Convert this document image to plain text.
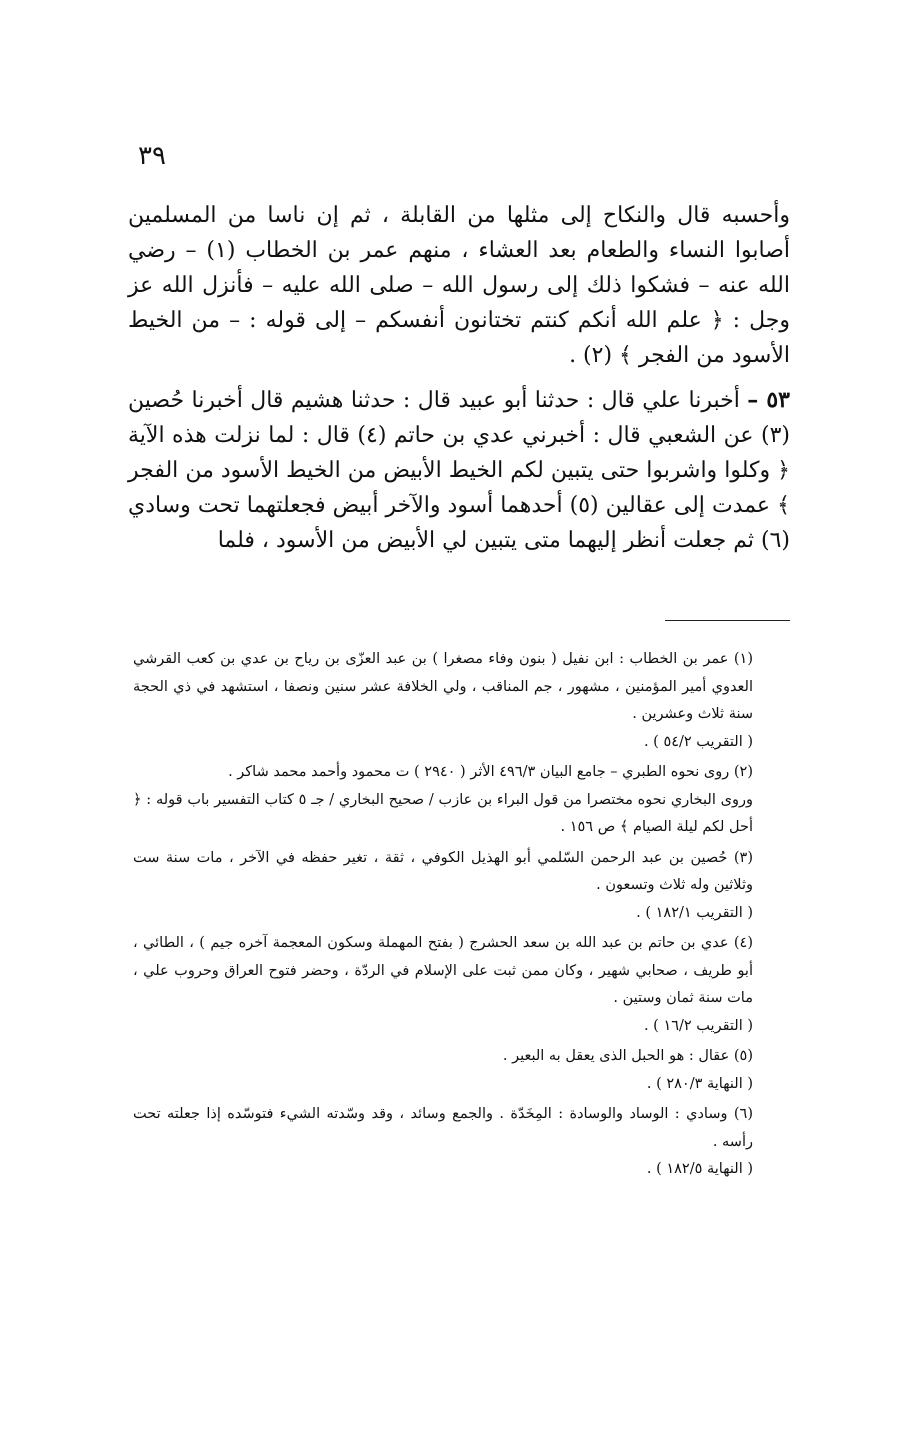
٣٩

وأحسبه قال والنكاح إلى مثلها من القابلة ، ثم إن ناسا من المسلمين أصابوا النساء والطعام بعد العشاء ، منهم عمر بن الخطاب (١) – رضي الله عنه – فشكوا ذلك إلى رسول الله – صلى الله عليه – فأنزل الله عز وجل : ﴿ علم الله أنكم كنتم تختانون أنفسكم – إلى قوله : – من الخيط الأسود من الفجر ﴾ (٢) .

٥٣ – أخبرنا علي قال : حدثنا أبو عبيد قال : حدثنا هشيم قال أخبرنا حُصين (٣) عن الشعبي قال : أخبرني عدي بن حاتم (٤) قال : لما نزلت هذه الآية ﴿ وكلوا واشربوا حتى يتبين لكم الخيط الأبيض من الخيط الأسود من الفجر ﴾ عمدت إلى عقالين (٥) أحدهما أسود والآخر أبيض فجعلتهما تحت وسادي (٦) ثم جعلت أنظر إليهما متى يتبين لي الأبيض من الأسود ، فلما

(١) عمر بن الخطاب : ابن نفيل ( بنون وفاء مصغرا ) بن عبد العزّى بن رياح بن عدي بن كعب القرشي العدوي أمير المؤمنين ، مشهور ، جم المناقب ، ولي الخلافة عشر سنين ونصفا ، استشهد في ذي الحجة سنة ثلاث وعشرين .

( التقريب ٥٤/٢ ) .

(٢) روى نحوه الطبري – جامع البيان ٤٩٦/٣ الأثر ( ٢٩٤٠ ) ت محمود وأحمد محمد شاكر .

وروى البخاري نحوه مختصرا من قول البراء بن عازب / صحيح البخاري / جـ ٥ كتاب التفسير باب قوله : ﴿ أحل لكم ليلة الصيام ﴾ ص ١٥٦ .

(٣) حُصين بن عبد الرحمن السّلمي أبو الهذيل الكوفي ، ثقة ، تغير حفظه في الآخر ، مات سنة ست وثلاثين وله ثلاث وتسعون .

( التقريب ١٨٢/١ ) .

(٤) عدي بن حاتم بن عبد الله بن سعد الحشرج ( بفتح المهملة وسكون المعجمة آخره جيم ) ، الطائي ، أبو طريف ، صحابي شهير ، وكان ممن ثبت على الإسلام في الردّة ، وحضر فتوح العراق وحروب علي ، مات سنة ثمان وستين .

( التقريب ١٦/٢ ) .

(٥) عقال : هو الحبل الذى يعقل به البعير .

( النهاية ٢٨٠/٣ ) .

(٦) وسادي : الوساد والوسادة : المِخَدّة . والجمع وسائد ، وقد وسّدته الشيء فتوسّده إذا جعلته تحت رأسه .

( النهاية ١٨٢/٥ ) .
